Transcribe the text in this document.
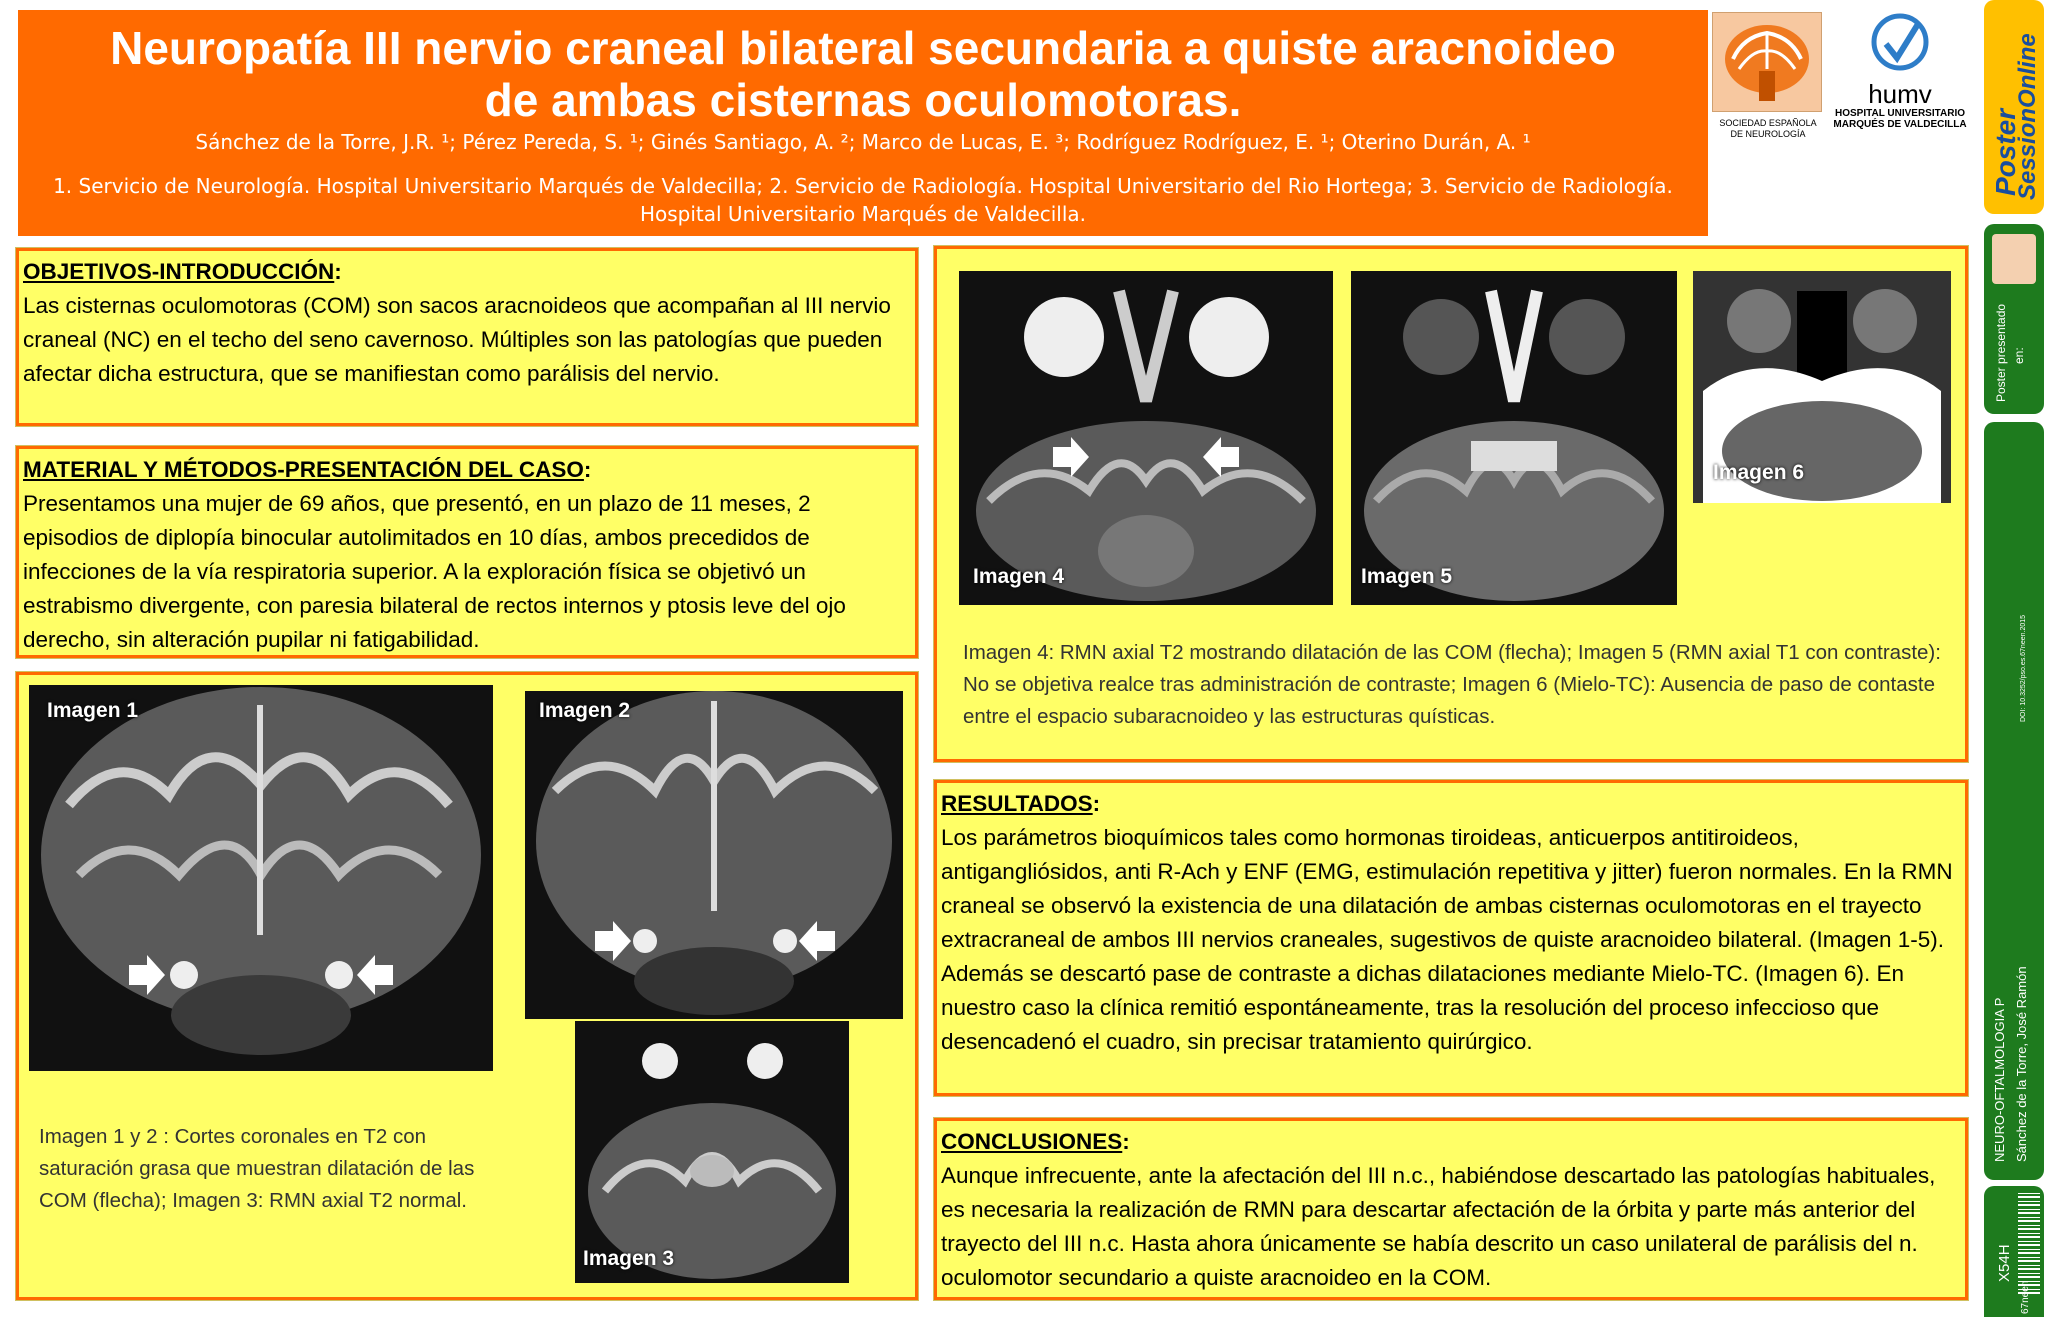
Neuropatía III nervio craneal bilateral secundaria a quiste aracnoideo
de ambas cisternas oculomotoras.
Sánchez de la Torre, J.R. ¹; Pérez Pereda, S. ¹; Ginés Santiago, A. ²; Marco de Lucas, E. ³; Rodríguez Rodríguez, E. ¹; Oterino Durán, A. ¹
1. Servicio de Neurología. Hospital Universitario Marqués de Valdecilla; 2. Servicio de Radiología. Hospital Universitario del Rio Hortega; 3. Servicio de Radiología.
Hospital Universitario Marqués de Valdecilla.
SOCIEDAD ESPAÑOLA
DE NEUROLOGÍA
humv
HOSPITAL UNIVERSITARIO
MARQUÉS DE VALDECILLA Poster
SessionOnline
Poster presentado en:
DOI: 10.3252/pso.es.67neen.2015
NEURO-OFTALMOLOGIA P Sánchez de la Torre, José Ramón
X54H
67neen

OBJETIVOS-INTRODUCCIÓN:
Las cisternas oculomotoras (COM) son sacos aracnoideos que acompañan al III nervio craneal (NC) en el techo del seno cavernoso. Múltiples son las patologías que pueden afectar dicha estructura, que se manifiestan como parálisis del nervio.

MATERIAL Y MÉTODOS-PRESENTACIÓN DEL CASO:
Presentamos una mujer de 69 años, que presentó, en un plazo de 11 meses, 2 episodios de diplopía binocular autolimitados en 10 días, ambos precedidos de infecciones de la vía respiratoria superior. A la exploración física se objetivó un estrabismo divergente, con paresia bilateral de rectos internos y ptosis leve del ojo derecho, sin alteración pupilar ni fatigabilidad.

Imagen 1	Imagen 2
Imagen 3
Imagen 1 y 2 : Cortes coronales en T2 con saturación grasa que muestran dilatación de las COM (flecha); Imagen 3: RMN axial T2 normal.
Imagen 4	Imagen 5
Imagen 6
Imagen 4: RMN axial T2 mostrando dilatación de las COM (flecha); Imagen 5 (RMN axial T1 con contraste): No se objetiva realce tras administración de contraste; Imagen 6 (Mielo-TC): Ausencia de paso de contaste entre el espacio subaracnoideo y las estructuras quísticas.

RESULTADOS:
Los parámetros bioquímicos tales como hormonas tiroideas, anticuerpos antitiroideos, antigangliósidos, anti R-Ach y ENF (EMG, estimulación repetitiva y jitter) fueron normales. En la RMN craneal se observó la existencia de una dilatación de ambas cisternas oculomotoras en el trayecto extracraneal de ambos III nervios craneales, sugestivos de quiste aracnoideo bilateral. (Imagen 1-5). Además se descartó pase de contraste a dichas dilataciones mediante Mielo-TC. (Imagen 6). En nuestro caso la clínica remitió espontáneamente, tras la resolución del proceso infeccioso que desencadenó el cuadro, sin precisar tratamiento quirúrgico.

CONCLUSIONES:
Aunque infrecuente, ante la afectación del III n.c., habiéndose descartado las patologías habituales, es necesaria la realización de RMN para descartar afectación de la órbita y parte más anterior del trayecto del III n.c. Hasta ahora únicamente se había descrito un caso unilateral de parálisis del n. oculomotor secundario a quiste aracnoideo en la COM.
